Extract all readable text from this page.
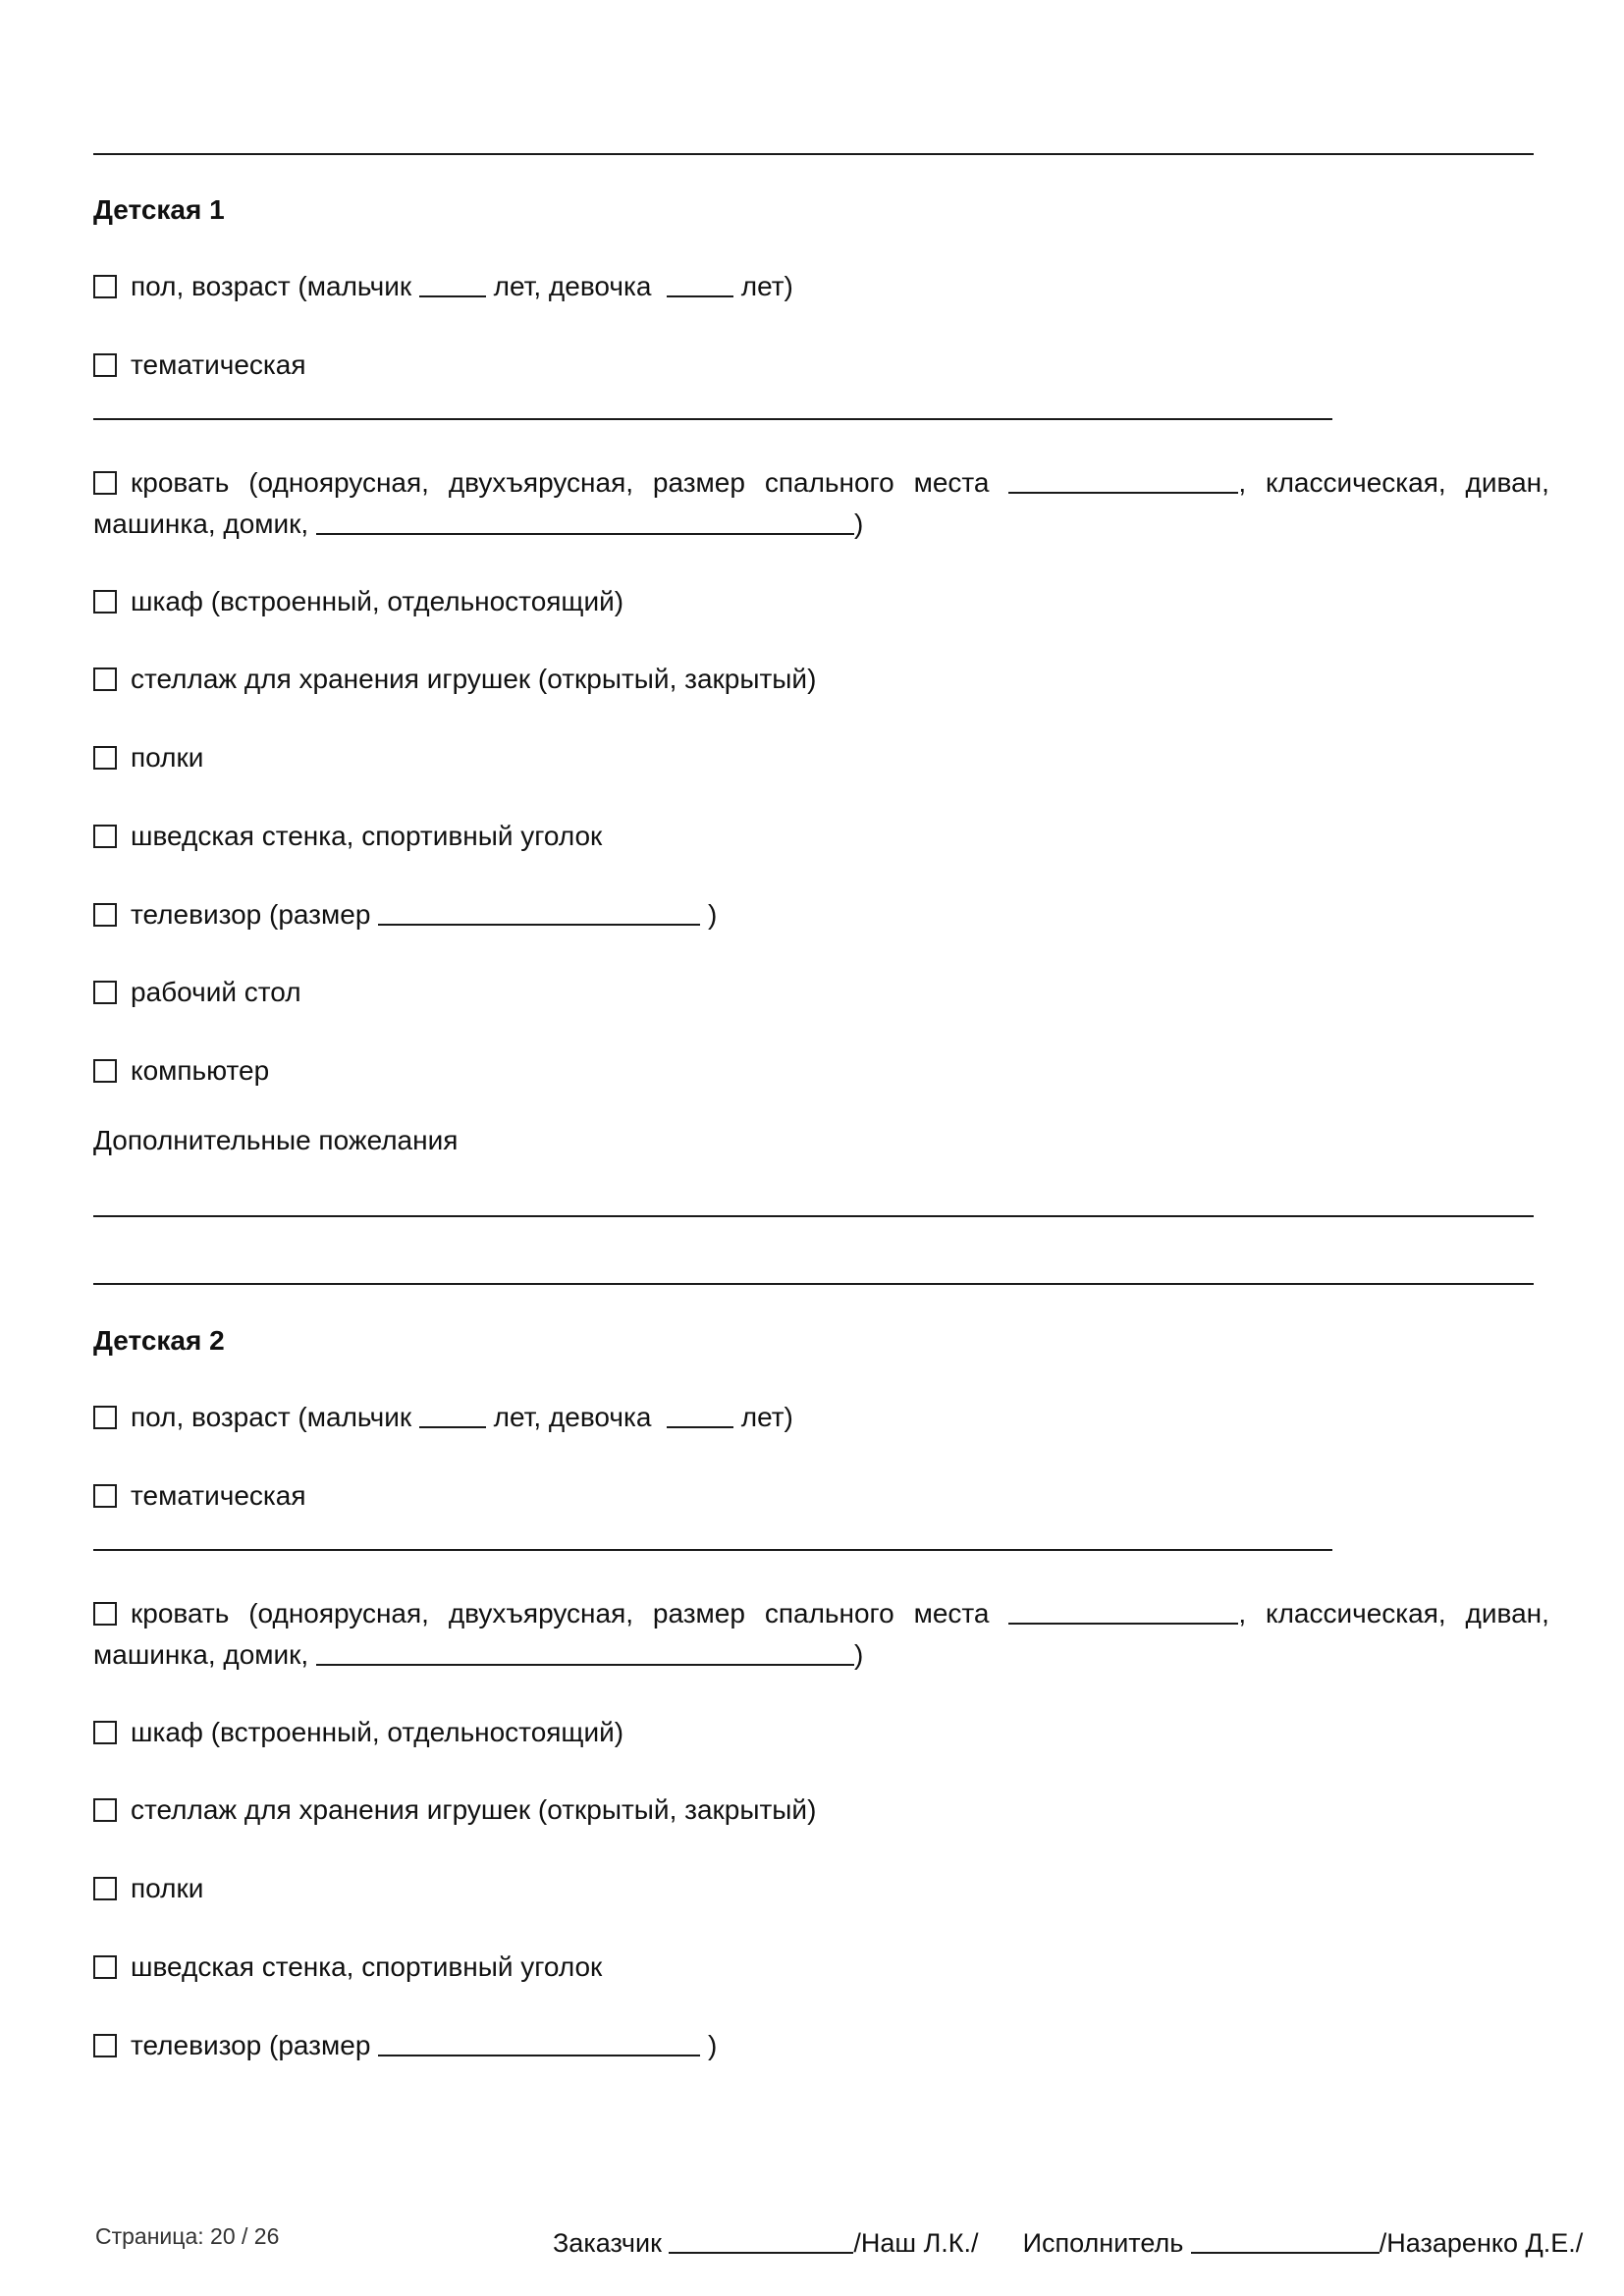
Детская 1
пол, возраст (мальчик	лет, девочка	лет)
тематическая
кровать (одноярусная, двухъярусная, размер спального места	, классическая, диван,
машинка, домик,	)
шкаф (встроенный, отдельностоящий)
стеллаж для хранения игрушек (открытый, закрытый)
полки
шведская стенка, спортивный уголок
телевизор (размер	)
рабочий стол
компьютер
Дополнительные пожелания
Детская 2
пол, возраст (мальчик	лет, девочка	лет)
тематическая
кровать (одноярусная, двухъярусная, размер спального места	, классическая, диван,
машинка, домик,	)
шкаф (встроенный, отдельностоящий)
стеллаж для хранения игрушек (открытый, закрытый)
полки
шведская стенка, спортивный уголок
телевизор (размер	)
Страница: 20 / 26	Заказчик	/Наш Л.К./ Исполнитель	/Назаренко Д.Е./
